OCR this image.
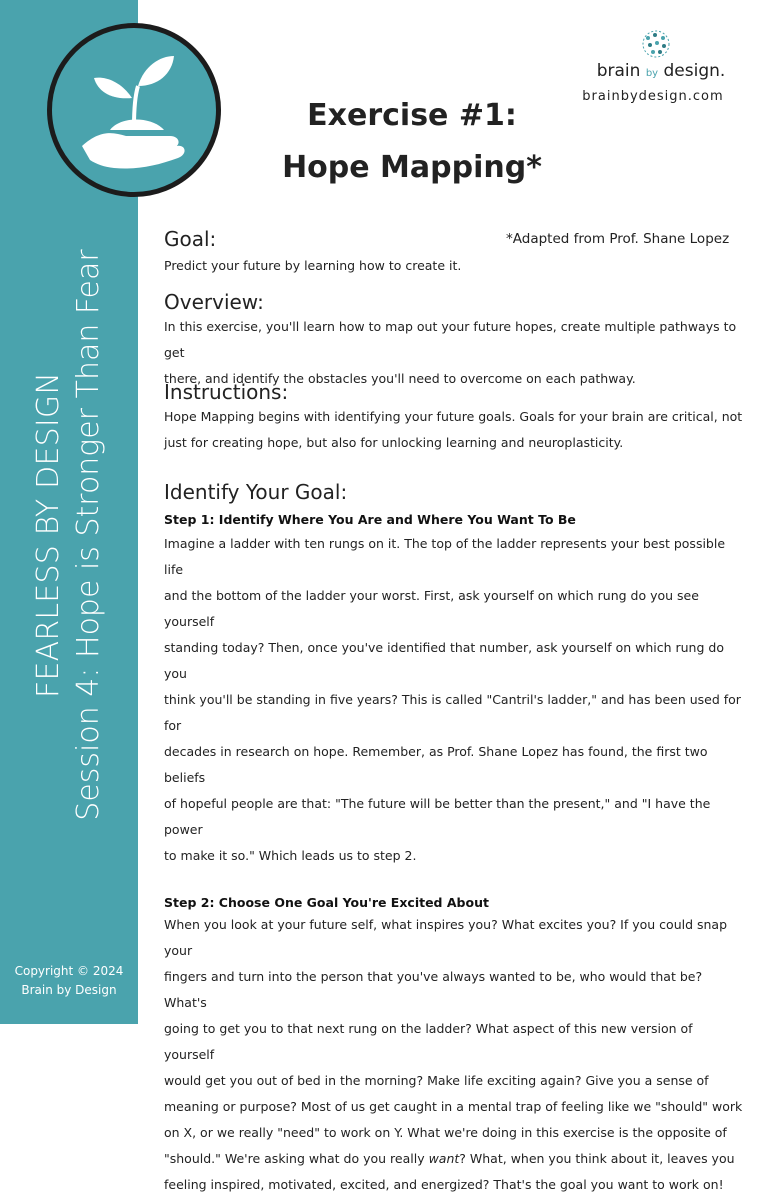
FEARLESS BY DESIGN Session 4: Hope is Stronger Than Fear
Copyright © 2024
Brain by Design
brain by design.
brainbydesign.com
Exercise #1:
Hope Mapping*
*Adapted from Prof. Shane Lopez
Goal:
Predict your future by learning how to create it.
Overview:
In this exercise, you'll learn how to map out your future hopes, create multiple pathways to get
there, and identify the obstacles you'll need to overcome on each pathway.
Instructions:
Hope Mapping begins with identifying your future goals. Goals for your brain are critical, not
just for creating hope, but also for unlocking learning and neuroplasticity.
Identify Your Goal:
Step 1: Identify Where You Are and Where You Want To Be
Imagine a ladder with ten rungs on it. The top of the ladder represents your best possible life
and the bottom of the ladder your worst. First, ask yourself on which rung do you see yourself
standing today? Then, once you've identified that number, ask yourself on which rung do you
think you'll be standing in five years? This is called "Cantril's ladder," and has been used for for
decades in research on hope. Remember, as Prof. Shane Lopez has found, the first two beliefs
of hopeful people are that: "The future will be better than the present," and "I have the power
to make it so." Which leads us to step 2.
Step 2: Choose One Goal You're Excited About
When you look at your future self, what inspires you? What excites you? If you could snap your
fingers and turn into the person that you've always wanted to be, who would that be? What's
going to get you to that next rung on the ladder? What aspect of this new version of yourself
would get you out of bed in the morning? Make life exciting again? Give you a sense of
meaning or purpose? Most of us get caught in a mental trap of feeling like we "should" work
on X, or we really "need" to work on Y. What we're doing in this exercise is the opposite of
"should." We're asking what do you really want? What, when you think about it, leaves you
feeling inspired, motivated, excited, and energized? That's the goal you want to work on!
